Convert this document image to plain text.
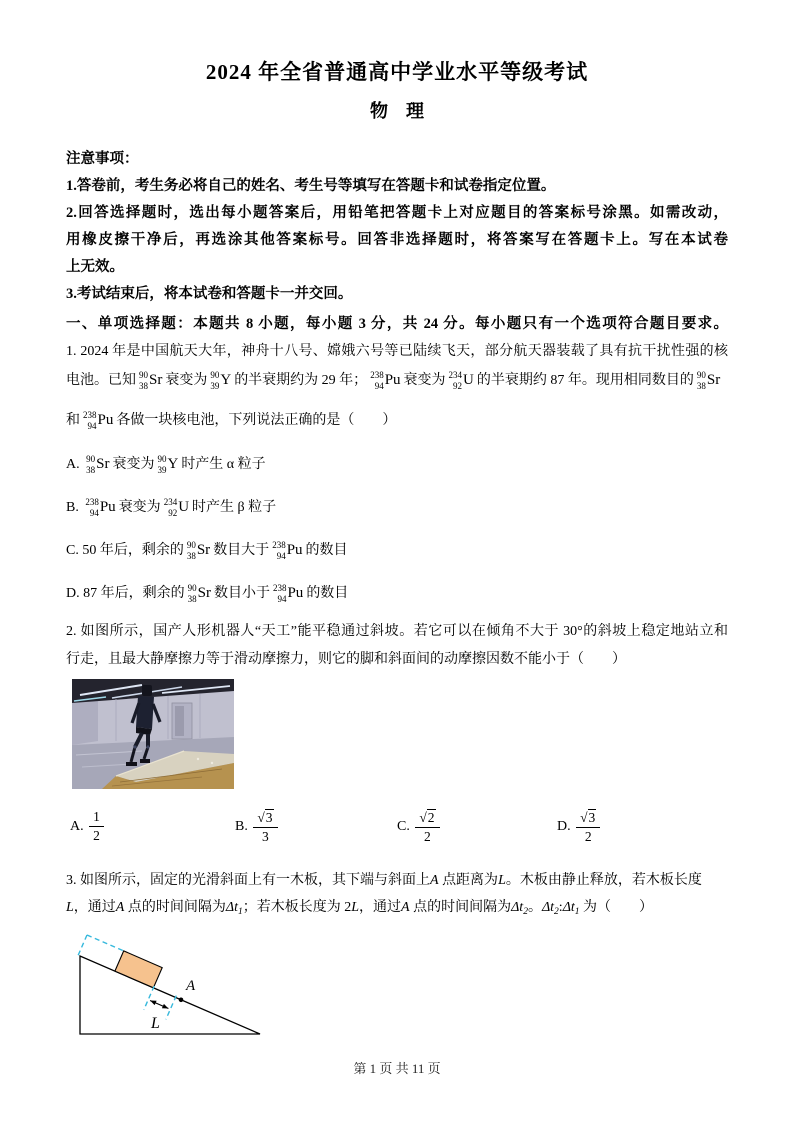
2024 年全省普通高中学业水平等级考试

物　理

注意事项：

1.答卷前，考生务必将自己的姓名、考生号等填写在答题卡和试卷指定位置。

2.回答选择题时，选出每小题答案后，用铅笔把答题卡上对应题目的答案标号涂黑。如需改动，

用橡皮擦干净后，再选涂其他答案标号。回答非选择题时，将答案写在答题卡上。写在本试卷

上无效。

3.考试结束后，将本试卷和答题卡一并交回。

一、单项选择题：本题共 8 小题，每小题 3 分，共 24 分。每小题只有一个选项符合题目要求。

1. 2024 年是中国航天大年，神舟十八号、嫦娥六号等已陆续飞天，部分航天器装载了具有抗干扰性强的核

电池。已知 90
38 Sr 衰变为 90
39 Y 的半衰期约为 29 年； 238
94 Pu 衰变为 234
92 U 的半衰期约 87 年。现用相同数目的 90
38 Sr

和 238
94 Pu 各做一块核电池，下列说法正确的是（　　）

A. 90
38 Sr 衰变为 90
39 Y 时产生 α 粒子

B. 238
94 Pu 衰变为 234
92 U 时产生 β 粒子

C. 50 年后，剩余的 90
38 Sr 数目大于 238
94 Pu 的数目

D. 87 年后，剩余的 90
38 Sr 数目小于 238
94 Pu 的数目

2. 如图所示，国产人形机器人“天工”能平稳通过斜坡。若它可以在倾角不大于 30°的斜坡上稳定地站立和

行走，且最大静摩擦力等于滑动摩擦力，则它的脚和斜面间的动摩擦因数不能小于（　　）

A. $\frac{1}{2}$	B. $\frac{√ 3}{3}$	C. $\frac{√ 2}{2}$	D. $\frac{√ 3}{2}$

3. 如图所示，固定的光滑斜面上有一木板，其下端与斜面上A 点距离为L。木板由静止释放，若木板长度

L，通过A 点的时间间隔为$\Delta t_1$；若木板长度为 2L，通过A 点的时间间隔为$\Delta t_2$。$\Delta t_2:\Delta t_1$ 为（　　）

A
L

第 1 页 共 11 页
